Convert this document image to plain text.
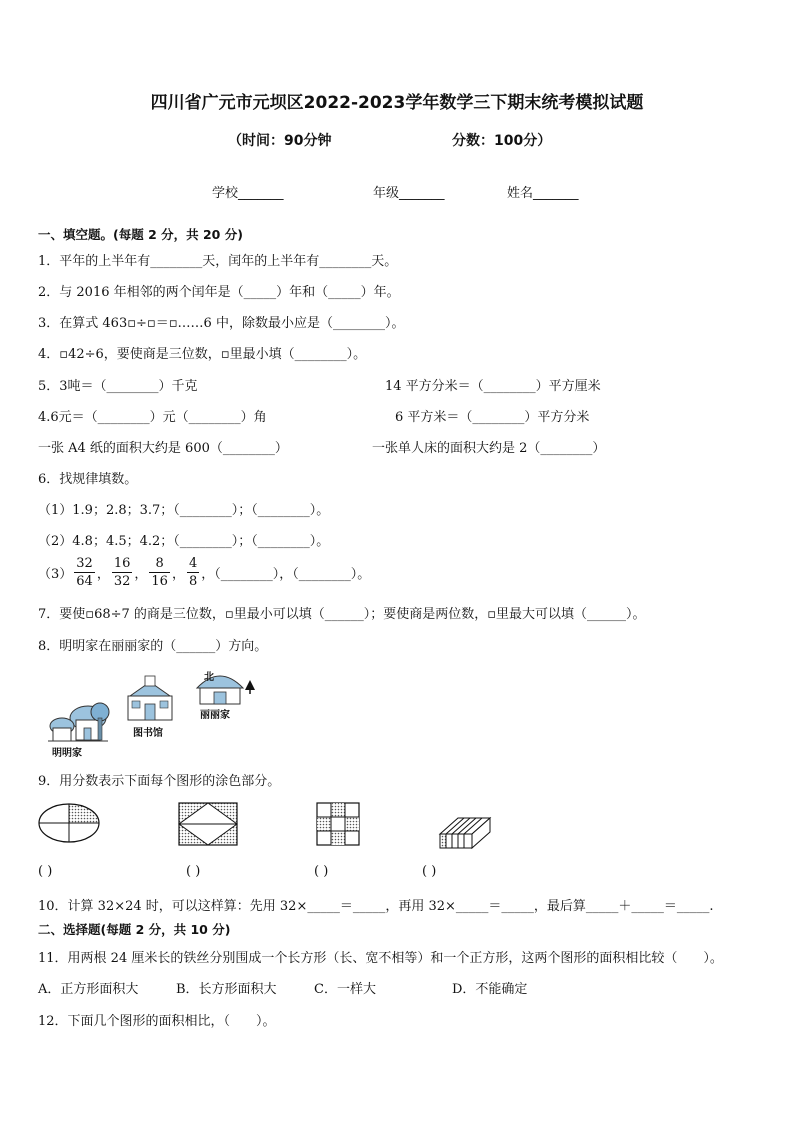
四川省广元市元坝区2022-2023学年数学三下期末统考模拟试题
（时间：90分钟	分数：100分）
学校_______	年级_______	姓名_______
一、填空题。(每题 2 分，共 20 分)
1．平年的上半年有________天，闰年的上半年有________天。
2．与 2016 年相邻的两个闰年是（_____）年和（_____）年。
3．在算式 463▫÷▫＝▫……6 中，除数最小应是（________）。
4．▫42÷6，要使商是三位数，▫里最小填（________）。
5．3吨＝（________）千克	14 平方分米＝（________）平方厘米
4.6元＝（________）元（________）角	6 平方米＝（________）平方分米
一张 A4 纸的面积大约是 600（________）	一张单人床的面积大约是 2（________）
6．找规律填数。
（1）1.9；2.8；3.7；（________）；（________）。
（2）4.8；4.5；4.2；（________）；（________）。
$(3) \frac{32}{64}$ ， $\frac{16}{32}$ ， $\frac{8}{16}$ ， $\frac{4}{8}$ ，（________），（________）。
7．要使▫68÷7 的商是三位数，▫里最小可以填（______）；要使商是两位数，▫里最大可以填（______）。
8．明明家在丽丽家的（______）方向。
北
明明家
图书馆
丽丽家
9．用分数表示下面每个图形的涂色部分。
( )	( )	( )	( )
10．计算 32×24 时，可以这样算：先用 32×_____＝_____，再用 32×_____＝_____，最后算_____＋_____＝_____.
二、选择题(每题 2 分，共 10 分)
11．用两根 24 厘米长的铁丝分别围成一个长方形（长、宽不相等）和一个正方形，这两个图形的面积相比较（　　）。
A．正方形面积大	B．长方形面积大	C．一样大	D．不能确定
12．下面几个图形的面积相比，（　　）。
